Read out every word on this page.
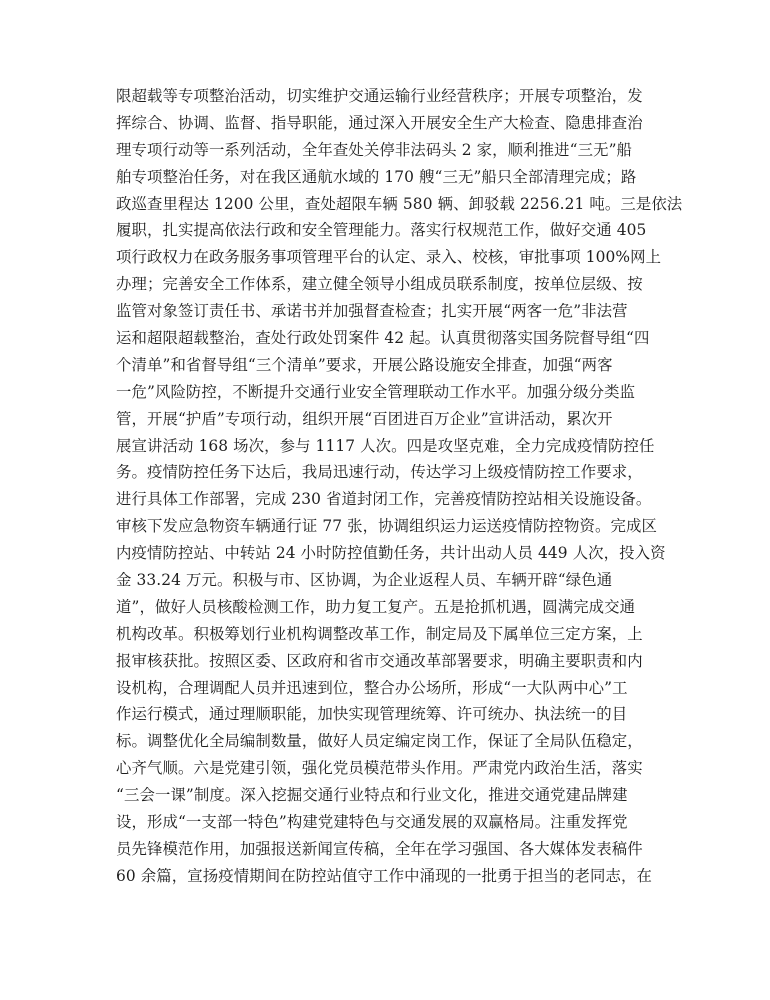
限超载等专项整治活动，切实维护交通运输行业经营秩序；开展专项整治，发
挥综合、协调、监督、指导职能，通过深入开展安全生产大检查、隐患排查治
理专项行动等一系列活动，全年查处关停非法码头 2 家，顺利推进“三无”船
舶专项整治任务，对在我区通航水域的 170 艘“三无”船只全部清理完成；路
政巡查里程达 1200 公里，查处超限车辆 580 辆、卸驳载 2256.21 吨。三是依法
履职，扎实提高依法行政和安全管理能力。落实行权规范工作，做好交通 405
项行政权力在政务服务事项管理平台的认定、录入、校核，审批事项 100%网上
办理；完善安全工作体系，建立健全领导小组成员联系制度，按单位层级、按
监管对象签订责任书、承诺书并加强督查检查；扎实开展“两客一危”非法营
运和超限超载整治，查处行政处罚案件 42 起。认真贯彻落实国务院督导组“四
个清单”和省督导组“三个清单”要求，开展公路设施安全排查，加强“两客
一危”风险防控，不断提升交通行业安全管理联动工作水平。加强分级分类监
管，开展“护盾”专项行动，组织开展“百团进百万企业”宣讲活动，累次开
展宣讲活动 168 场次，参与 1117 人次。四是攻坚克难，全力完成疫情防控任
务。疫情防控任务下达后，我局迅速行动，传达学习上级疫情防控工作要求，
进行具体工作部署，完成 230 省道封闭工作，完善疫情防控站相关设施设备。
审核下发应急物资车辆通行证 77 张，协调组织运力运送疫情防控物资。完成区
内疫情防控站、中转站 24 小时防控值勤任务，共计出动人员 449 人次，投入资
金 33.24 万元。积极与市、区协调，为企业返程人员、车辆开辟“绿色通
道”，做好人员核酸检测工作，助力复工复产。五是抢抓机遇，圆满完成交通
机构改革。积极筹划行业机构调整改革工作，制定局及下属单位三定方案，上
报审核获批。按照区委、区政府和省市交通改革部署要求，明确主要职责和内
设机构，合理调配人员并迅速到位，整合办公场所，形成“一大队两中心”工
作运行模式，通过理顺职能，加快实现管理统筹、许可统办、执法统一的目
标。调整优化全局编制数量，做好人员定编定岗工作，保证了全局队伍稳定，
心齐气顺。六是党建引领，强化党员模范带头作用。严肃党内政治生活，落实
“三会一课”制度。深入挖掘交通行业特点和行业文化，推进交通党建品牌建
设，形成“一支部一特色”构建党建特色与交通发展的双赢格局。注重发挥党
员先锋模范作用，加强报送新闻宣传稿，全年在学习强国、各大媒体发表稿件
60 余篇，宣扬疫情期间在防控站值守工作中涌现的一批勇于担当的老同志，在
